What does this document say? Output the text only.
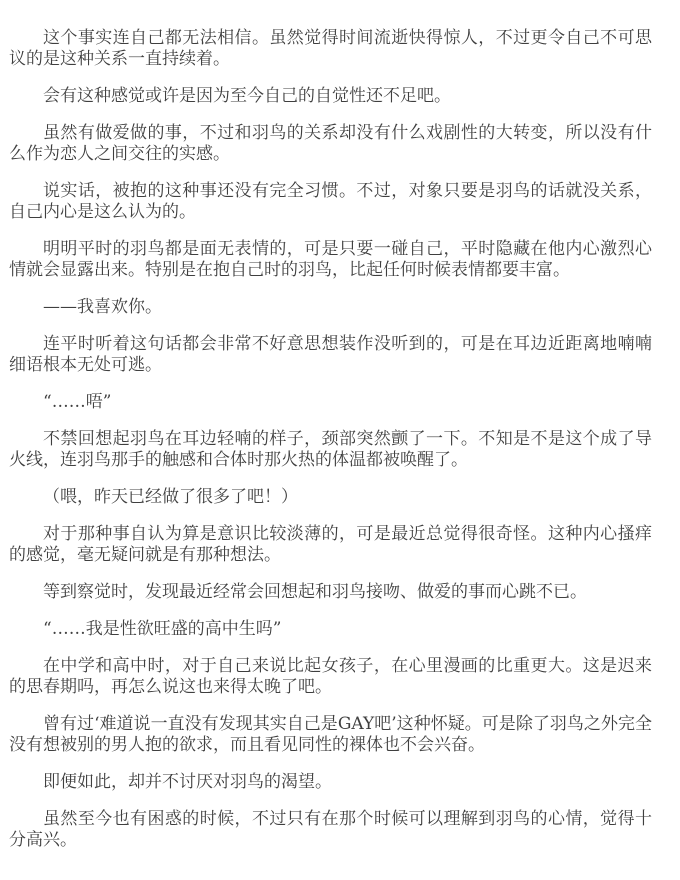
这个事实连自己都无法相信。虽然觉得时间流逝快得惊人，不过更令自己不可思议的是这种关系一直持续着。

会有这种感觉或许是因为至今自己的自觉性还不足吧。

虽然有做爱做的事，不过和羽鸟的关系却没有什么戏剧性的大转变，所以没有什么作为恋人之间交往的实感。

说实话，被抱的这种事还没有完全习惯。不过，对象只要是羽鸟的话就没关系，自己内心是这么认为的。

明明平时的羽鸟都是面无表情的，可是只要一碰自己，平时隐藏在他内心激烈心情就会显露出来。特别是在抱自己时的羽鸟，比起任何时候表情都要丰富。

——我喜欢你。

连平时听着这句话都会非常不好意思想装作没听到的，可是在耳边近距离地喃喃细语根本无处可逃。

“……唔”

不禁回想起羽鸟在耳边轻喃的样子，颈部突然颤了一下。不知是不是这个成了导火线，连羽鸟那手的触感和合体时那火热的体温都被唤醒了。

（喂，昨天已经做了很多了吧！）

对于那种事自认为算是意识比较淡薄的，可是最近总觉得很奇怪。这种内心搔痒的感觉，毫无疑问就是有那种想法。

等到察觉时，发现最近经常会回想起和羽鸟接吻、做爱的事而心跳不已。

“……我是性欲旺盛的高中生吗”

在中学和高中时，对于自己来说比起女孩子，在心里漫画的比重更大。这是迟来的思春期吗，再怎么说这也来得太晚了吧。

曾有过‘难道说一直没有发现其实自己是GAY吧’这种怀疑。可是除了羽鸟之外完全没有想被别的男人抱的欲求，而且看见同性的裸体也不会兴奋。

即便如此，却并不讨厌对羽鸟的渴望。

虽然至今也有困惑的时候，不过只有在那个时候可以理解到羽鸟的心情，觉得十分高兴。
